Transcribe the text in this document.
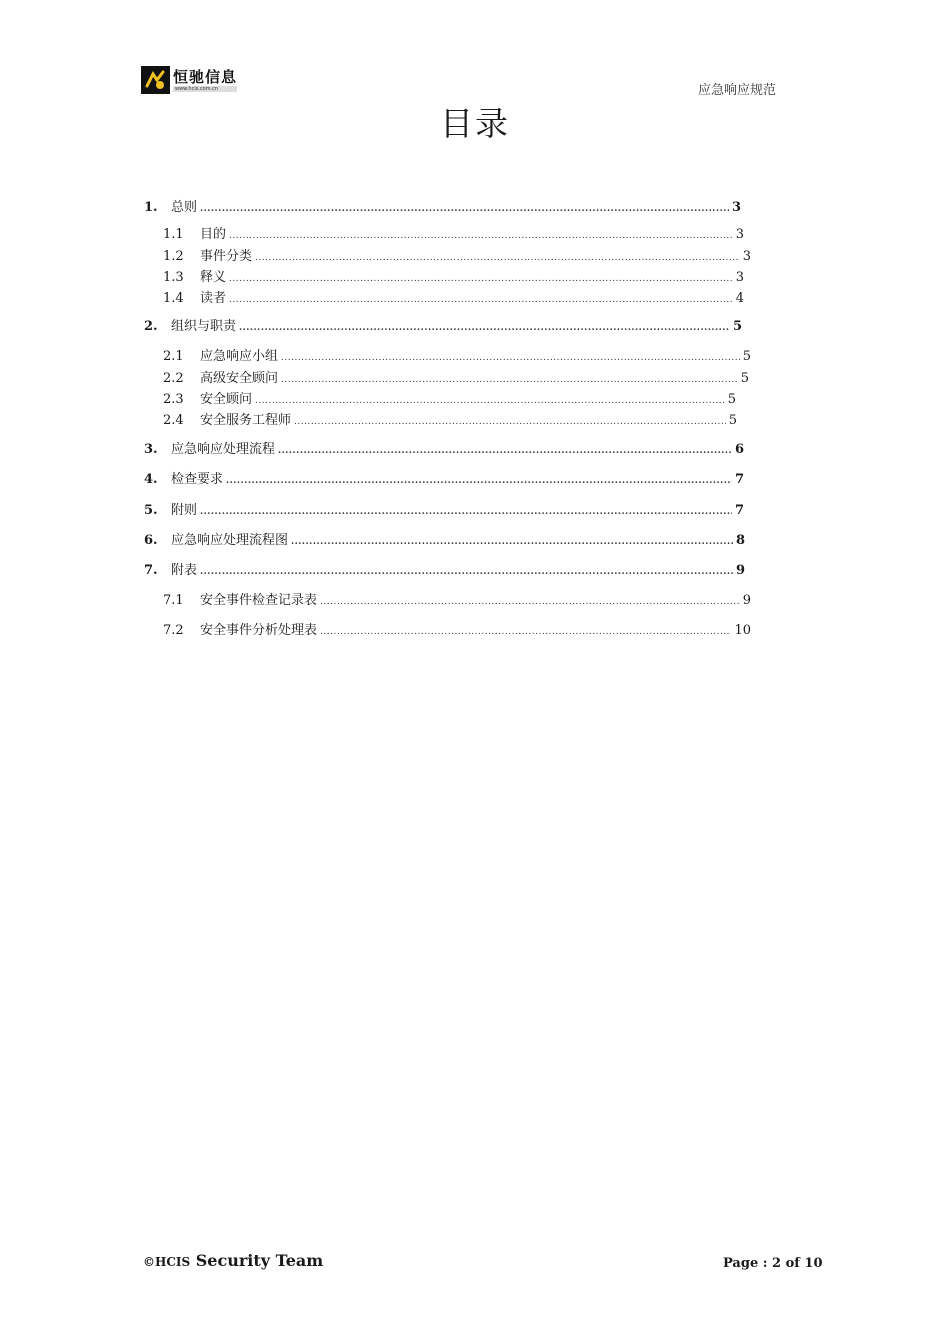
恒驰信息
www.hcis.com.cn	应急响应规范
目录
1.	总则 .....	3
1.1	目的 .....	3
1.2	事件分类 .....	3
1.3	释义 .....	3
1.4	读者 .....	4
2.	组织与职责 .....	5
2.1	应急响应小组 .....	5
2.2	高级安全顾问 .....	5
2.3	安全顾问 .....	5
2.4	安全服务工程师 .....	5
3.	应急响应处理流程 .....	6
4.	检查要求 .....	7
5.	附则 .....	7
6.	应急响应处理流程图 .....	8
7.	附表 .....	9
7.1	安全事件检查记录表 .....	9
7.2	安全事件分析处理表 .....	10
©HCIS Security Team	Page : 2 of 10
